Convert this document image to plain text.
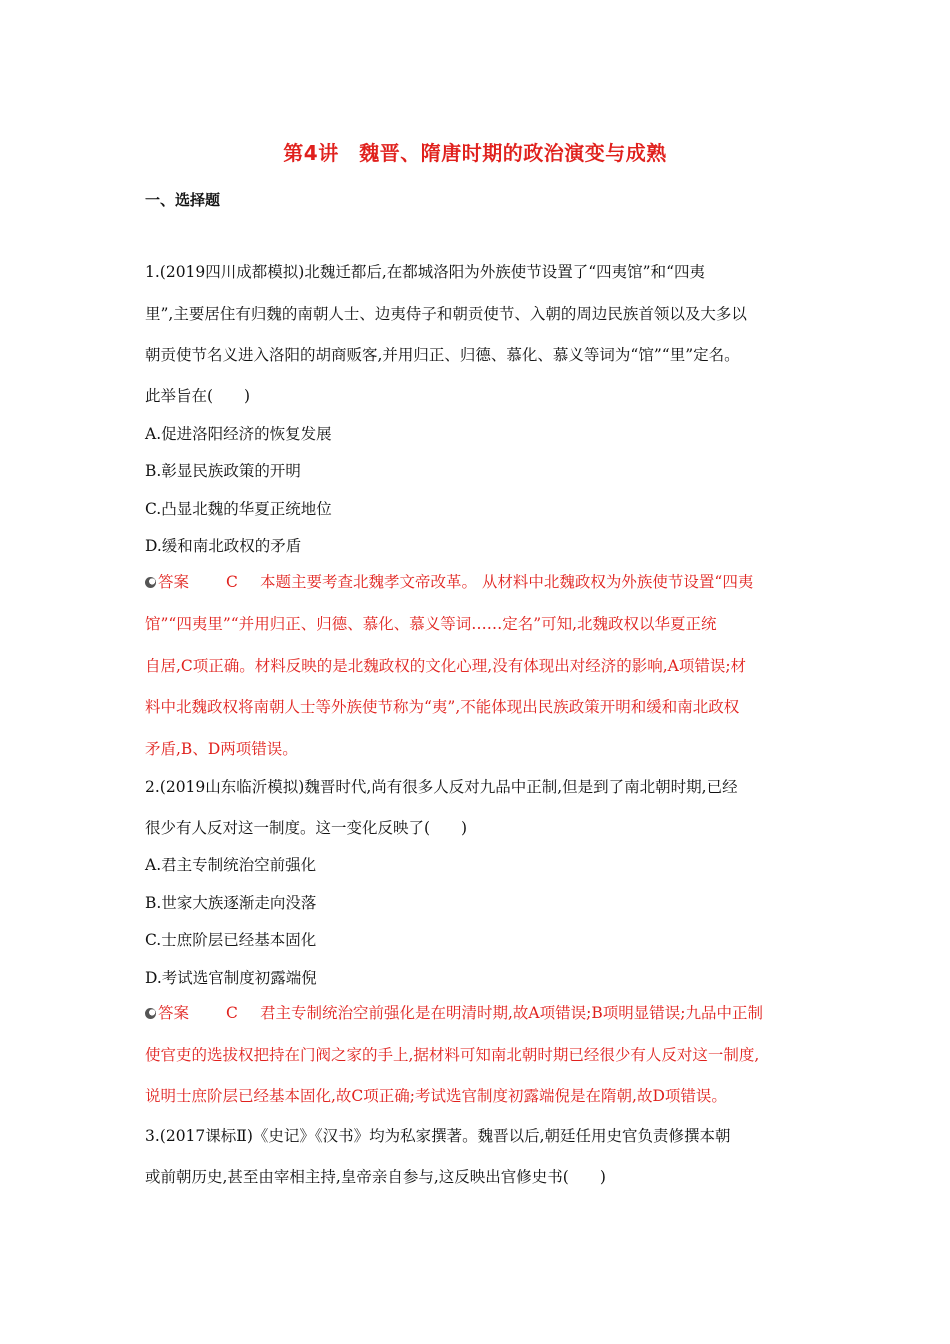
第4讲　魏晋、隋唐时期的政治演变与成熟
一、选择题
1.(2019四川成都模拟)北魏迁都后,在都城洛阳为外族使节设置了“四夷馆”和“四夷
里”,主要居住有归魏的南朝人士、边夷侍子和朝贡使节、入朝的周边民族首领以及大多以
朝贡使节名义进入洛阳的胡商贩客,并用归正、归德、慕化、慕义等词为“馆”“里”定名。
此举旨在(　　)
A.促进洛阳经济的恢复发展
B.彰显民族政策的开明
C.凸显北魏的华夏正统地位
D.缓和南北政权的矛盾
答案 C 本题主要考查北魏孝文帝改革。 从材料中北魏政权为外族使节设置“四夷
馆”“四夷里”“并用归正、归德、慕化、慕义等词……定名”可知,北魏政权以华夏正统
自居,C项正确。材料反映的是北魏政权的文化心理,没有体现出对经济的影响,A项错误;材
料中北魏政权将南朝人士等外族使节称为“夷”,不能体现出民族政策开明和缓和南北政权
矛盾,B、D两项错误。
2.(2019山东临沂模拟)魏晋时代,尚有很多人反对九品中正制,但是到了南北朝时期,已经
很少有人反对这一制度。这一变化反映了(　　)
A.君主专制统治空前强化
B.世家大族逐渐走向没落
C.士庶阶层已经基本固化
D.考试选官制度初露端倪
答案 C 君主专制统治空前强化是在明清时期,故A项错误;B项明显错误;九品中正制
使官吏的选拔权把持在门阀之家的手上,据材料可知南北朝时期已经很少有人反对这一制度,
说明士庶阶层已经基本固化,故C项正确;考试选官制度初露端倪是在隋朝,故D项错误。
3.(2017课标Ⅱ)《史记》《汉书》均为私家撰著。魏晋以后,朝廷任用史官负责修撰本朝
或前朝历史,甚至由宰相主持,皇帝亲自参与,这反映出官修史书(　　)
